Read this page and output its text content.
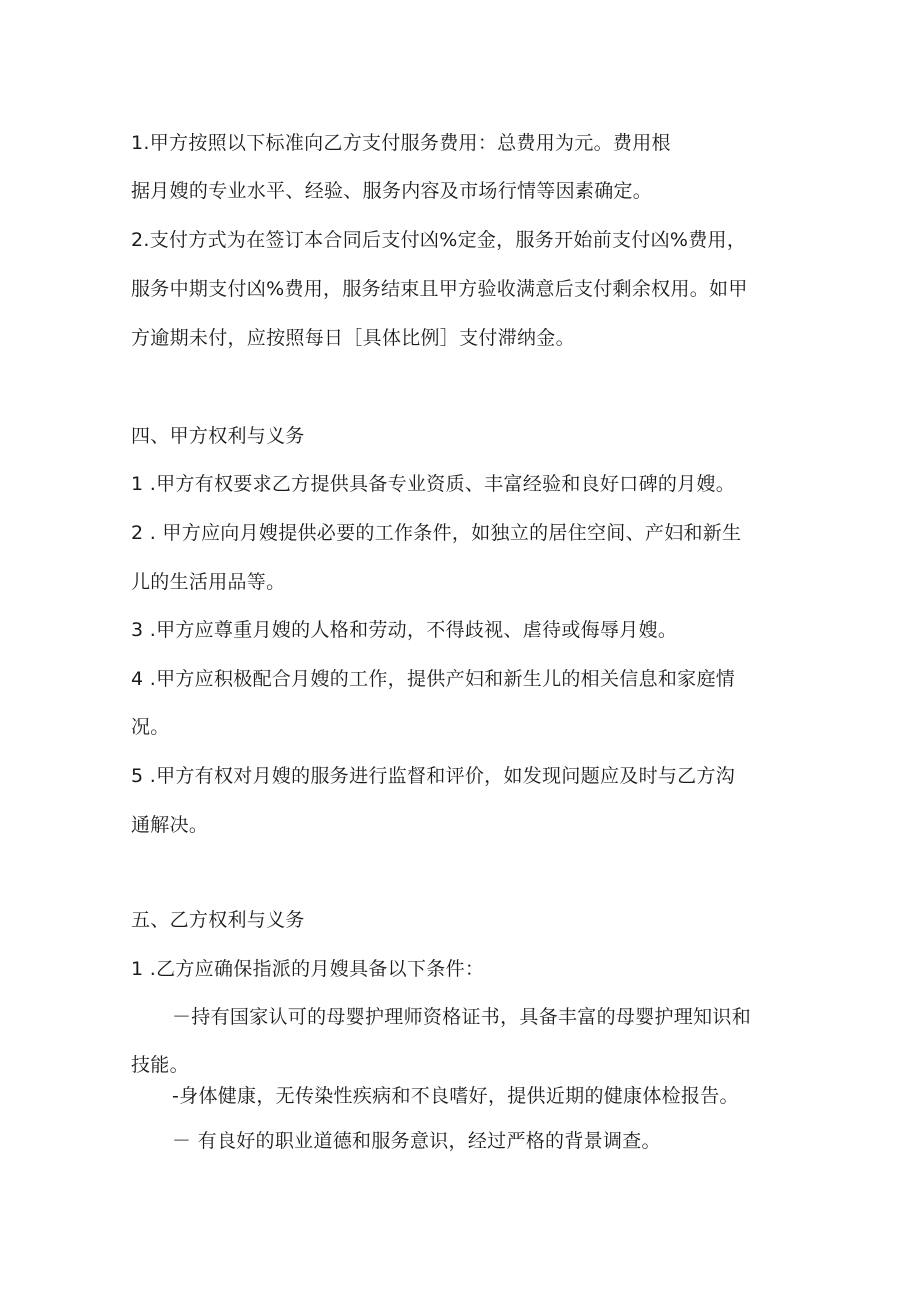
1.甲方按照以下标准向乙方支付服务费用：总费用为元。费用根
据月嫂的专业水平、经验、服务内容及市场行情等因素确定。
2.支付方式为在签订本合同后支付凶%定金，服务开始前支付凶%费用，
服务中期支付凶%费用，服务结束且甲方验收满意后支付剩余权用。如甲
方逾期未付，应按照每日［具体比例］支付滞纳金。
四、甲方权利与义务
1 .甲方有权要求乙方提供具备专业资质、丰富经验和良好口碑的月嫂。
2 . 甲方应向月嫂提供必要的工作条件，如独立的居住空间、产妇和新生
儿的生活用品等。
3 .甲方应尊重月嫂的人格和劳动，不得歧视、虐待或侮辱月嫂。
4 .甲方应积极配合月嫂的工作，提供产妇和新生儿的相关信息和家庭情
况。
5 .甲方有权对月嫂的服务进行监督和评价，如发现问题应及时与乙方沟
通解决。
五、乙方权利与义务
1 .乙方应确保指派的月嫂具备以下条件：
－持有国家认可的母婴护理师资格证书，具备丰富的母婴护理知识和
技能。
-身体健康，无传染性疾病和不良嗜好，提供近期的健康体检报告。
－ 有良好的职业道德和服务意识，经过严格的背景调查。
